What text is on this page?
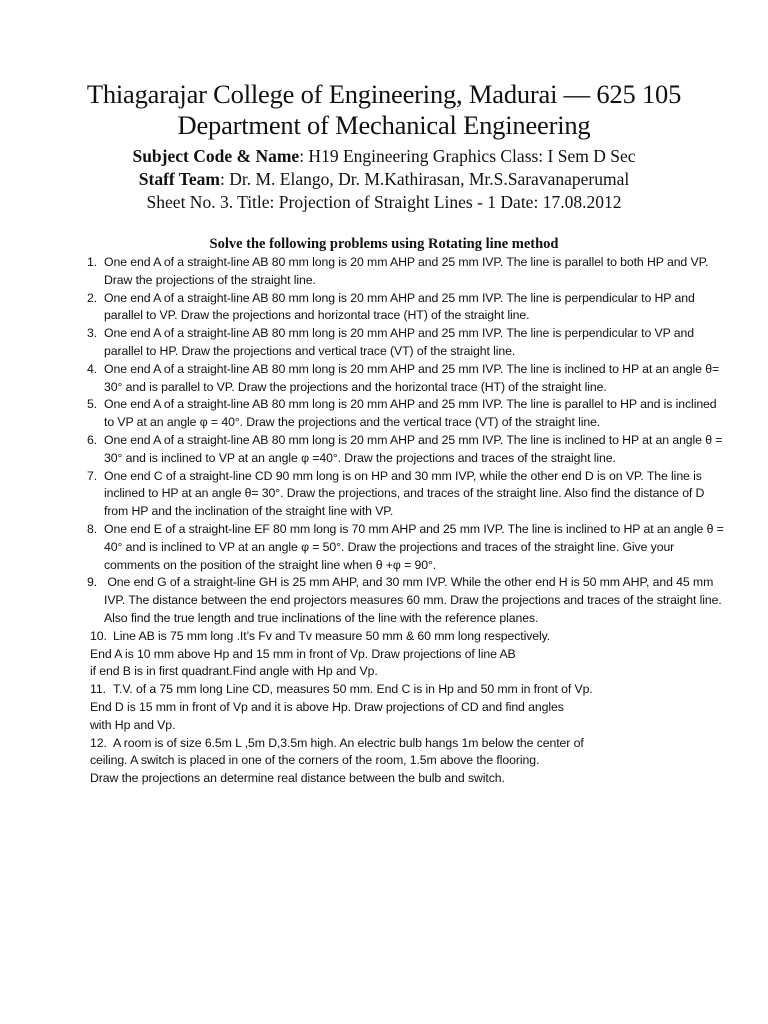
Thiagarajar College of Engineering, Madurai — 625 105
Department of Mechanical Engineering
Subject Code & Name: H19 Engineering Graphics Class: I Sem D Sec
Staff Team: Dr. M. Elango, Dr. M.Kathirasan, Mr.S.Saravanaperumal
Sheet No. 3. Title: Projection of Straight Lines - 1 Date: 17.08.2012
Solve the following problems using Rotating line method
1. One end A of a straight-line AB 80 mm long is 20 mm AHP and 25 mm IVP. The line is parallel to both HP and VP. Draw the projections of the straight line.
2. One end A of a straight-line AB 80 mm long is 20 mm AHP and 25 mm IVP. The line is perpendicular to HP and parallel to VP. Draw the projections and horizontal trace (HT) of the straight line.
3. One end A of a straight-line AB 80 mm long is 20 mm AHP and 25 mm IVP. The line is perpendicular to VP and parallel to HP. Draw the projections and vertical trace (VT) of the straight line.
4. One end A of a straight-line AB 80 mm long is 20 mm AHP and 25 mm IVP. The line is inclined to HP at an angle θ= 30° and is parallel to VP. Draw the projections and the horizontal trace (HT) of the straight line.
5. One end A of a straight-line AB 80 mm long is 20 mm AHP and 25 mm IVP. The line is parallel to HP and is inclined to VP at an angle φ = 40°. Draw the projections and the vertical trace (VT) of the straight line.
6. One end A of a straight-line AB 80 mm long is 20 mm AHP and 25 mm IVP. The line is inclined to HP at an angle θ = 30° and is inclined to VP at an angle φ =40°. Draw the projections and traces of the straight line.
7. One end C of a straight-line CD 90 mm long is on HP and 30 mm IVP, while the other end D is on VP. The line is inclined to HP at an angle θ= 30°. Draw the projections, and traces of the straight line. Also find the distance of D from HP and the inclination of the straight line with VP.
8. One end E of a straight-line EF 80 mm long is 70 mm AHP and 25 mm IVP. The line is inclined to HP at an angle θ = 40° and is inclined to VP at an angle φ = 50°. Draw the projections and traces of the straight line. Give your comments on the position of the straight line when θ +φ = 90°.
9. One end G of a straight-line GH is 25 mm AHP, and 30 mm IVP. While the other end H is 50 mm AHP, and 45 mm IVP. The distance between the end projectors measures 60 mm. Draw the projections and traces of the straight line. Also find the true length and true inclinations of the line with the reference planes.
10. Line AB is 75 mm long .It’s Fv and Tv measure 50 mm & 60 mm long respectively.
End A is 10 mm above Hp and 15 mm in front of Vp. Draw projections of line AB
if end B is in first quadrant.Find angle with Hp and Vp.
11. T.V. of a 75 mm long Line CD, measures 50 mm. End C is in Hp and 50 mm in front of Vp.
End D is 15 mm in front of Vp and it is above Hp. Draw projections of CD and find angles
with Hp and Vp.
12. A room is of size 6.5m L ,5m D,3.5m high. An electric bulb hangs 1m below the center of
ceiling. A switch is placed in one of the corners of the room, 1.5m above the flooring.
Draw the projections an determine real distance between the bulb and switch.
